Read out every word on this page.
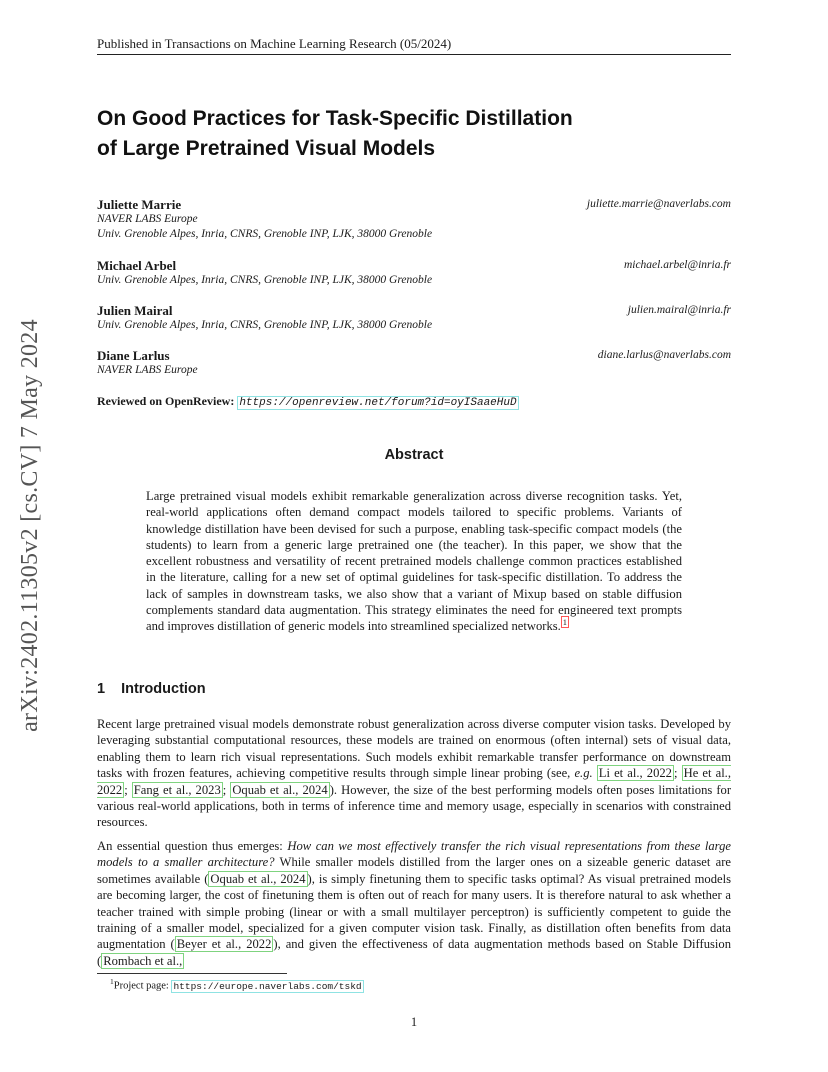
Published in Transactions on Machine Learning Research (05/2024)
arXiv:2402.11305v2 [cs.CV] 7 May 2024
On Good Practices for Task-Specific Distillation
of Large Pretrained Visual Models
Juliette Marrie
NAVER LABS Europe
Univ. Grenoble Alpes, Inria, CNRS, Grenoble INP, LJK, 38000 Grenoble
juliette.marrie@naverlabs.com
Michael Arbel
Univ. Grenoble Alpes, Inria, CNRS, Grenoble INP, LJK, 38000 Grenoble
michael.arbel@inria.fr
Julien Mairal
Univ. Grenoble Alpes, Inria, CNRS, Grenoble INP, LJK, 38000 Grenoble
julien.mairal@inria.fr
Diane Larlus
NAVER LABS Europe
diane.larlus@naverlabs.com
Reviewed on OpenReview: https://openreview.net/forum?id=oyISaaeHuD
Abstract
Large pretrained visual models exhibit remarkable generalization across diverse recognition tasks. Yet, real-world applications often demand compact models tailored to specific problems. Variants of knowledge distillation have been devised for such a purpose, enabling task-specific compact models (the students) to learn from a generic large pretrained one (the teacher). In this paper, we show that the excellent robustness and versatility of recent pretrained models challenge common practices established in the literature, calling for a new set of optimal guidelines for task-specific distillation. To address the lack of samples in downstream tasks, we also show that a variant of Mixup based on stable diffusion complements standard data augmentation. This strategy eliminates the need for engineered text prompts and improves distillation of generic models into streamlined specialized networks. $^1$
1 Introduction
Recent large pretrained visual models demonstrate robust generalization across diverse computer vision tasks. Developed by leveraging substantial computational resources, these models are trained on enormous (often internal) sets of visual data, enabling them to learn rich visual representations. Such models exhibit remarkable transfer performance on downstream tasks with frozen features, achieving competitive results through simple linear probing (see, e.g. Li et al., 2022 ; He et al., 2022 ; Fang et al., 2023 ; Oquab et al., 2024 ). However, the size of the best performing models often poses limitations for various real-world applications, both in terms of inference time and memory usage, especially in scenarios with constrained resources.
An essential question thus emerges: How can we most effectively transfer the rich visual representations from these large models to a smaller architecture? While smaller models distilled from the larger ones on a sizeable generic dataset are sometimes available ( Oquab et al., 2024 ), is simply finetuning them to specific tasks optimal? As visual pretrained models are becoming larger, the cost of finetuning them is often out of reach for many users. It is therefore natural to ask whether a teacher trained with simple probing (linear or with a small multilayer perceptron) is sufficiently competent to guide the training of a smaller model, specialized for a given computer vision task. Finally, as distillation often benefits from data augmentation ( Beyer et al., 2022 ), and given the effectiveness of data augmentation methods based on Stable Diffusion ( Rombach et al.,
$^1$Project page: https://europe.naverlabs.com/tskd
1
